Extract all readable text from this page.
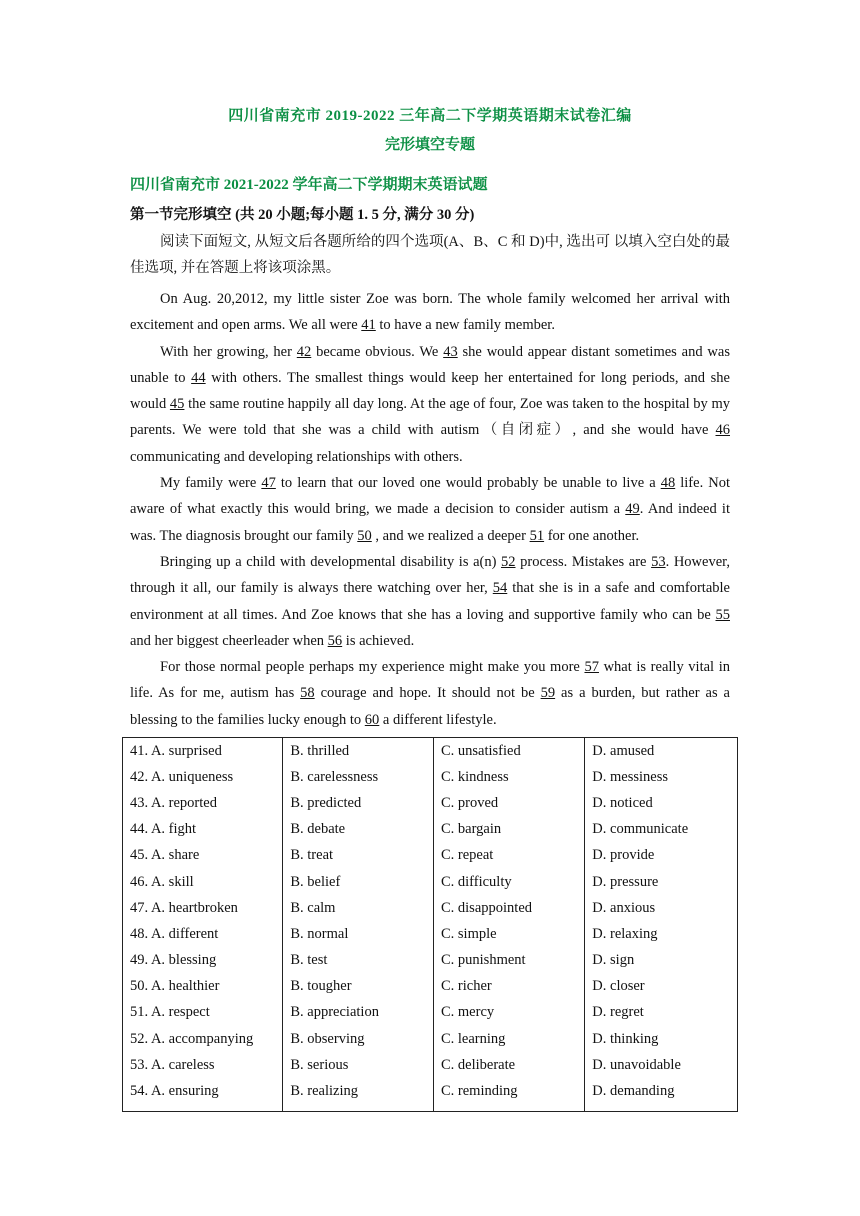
四川省南充市 2019-2022 三年高二下学期英语期末试卷汇编
完形填空专题
四川省南充市 2021-2022 学年高二下学期期末英语试题
第一节完形填空 (共 20 小题;每小题 1. 5 分, 满分 30 分)

阅读下面短文, 从短文后各题所给的四个选项(A、B、C 和 D)中, 选出可 以填入空白处的最佳选项, 并在答题上将该项涂黑。

On Aug. 20,2012, my little sister Zoe was born. The whole family welcomed her arrival with excitement and open arms. We all were 41 to have a new family member.

With her growing, her 42 became obvious. We 43 she would appear distant sometimes and was unable to 44 with others. The smallest things would keep her entertained for long periods, and she would 45 the same routine happily all day long. At the age of four, Zoe was taken to the hospital by my parents. We were told that she was a child with autism（自闭症）, and she would have 46 communicating and developing relationships with others.

My family were 47 to learn that our loved one would probably be unable to live a 48 life. Not aware of what exactly this would bring, we made a decision to consider autism a 49. And indeed it was. The diagnosis brought our family 50 , and we realized a deeper 51 for one another.

Bringing up a child with developmental disability is a(n) 52 process. Mistakes are 53. However, through it all, our family is always there watching over her, 54 that she is in a safe and comfortable environment at all times. And Zoe knows that she has a loving and supportive family who can be 55 and her biggest cheerleader when 56 is achieved.

For those normal people perhaps my experience might make you more 57 what is really vital in life. As for me, autism has 58 courage and hope. It should not be 59 as a burden, but rather as a blessing to the families lucky enough to 60 a different lifestyle.

41. A. surprised	B. thrilled	C. unsatisfied	D. amused
42. A. uniqueness	B. carelessness	C. kindness	D. messiness
43. A. reported	B. predicted	C. proved	D. noticed
44. A. fight	B. debate	C. bargain	D. communicate
45. A. share	B. treat	C. repeat	D. provide
46. A. skill	B. belief	C. difficulty	D. pressure
47. A. heartbroken	B. calm	C. disappointed	D. anxious
48. A. different	B. normal	C. simple	D. relaxing
49. A. blessing	B. test	C. punishment	D. sign
50. A. healthier	B. tougher	C. richer	D. closer
51. A. respect	B. appreciation	C. mercy	D. regret
52. A. accompanying	B. observing	C. learning	D. thinking
53. A. careless	B. serious	C. deliberate	D. unavoidable
54. A. ensuring	B. realizing	C. reminding	D. demanding
